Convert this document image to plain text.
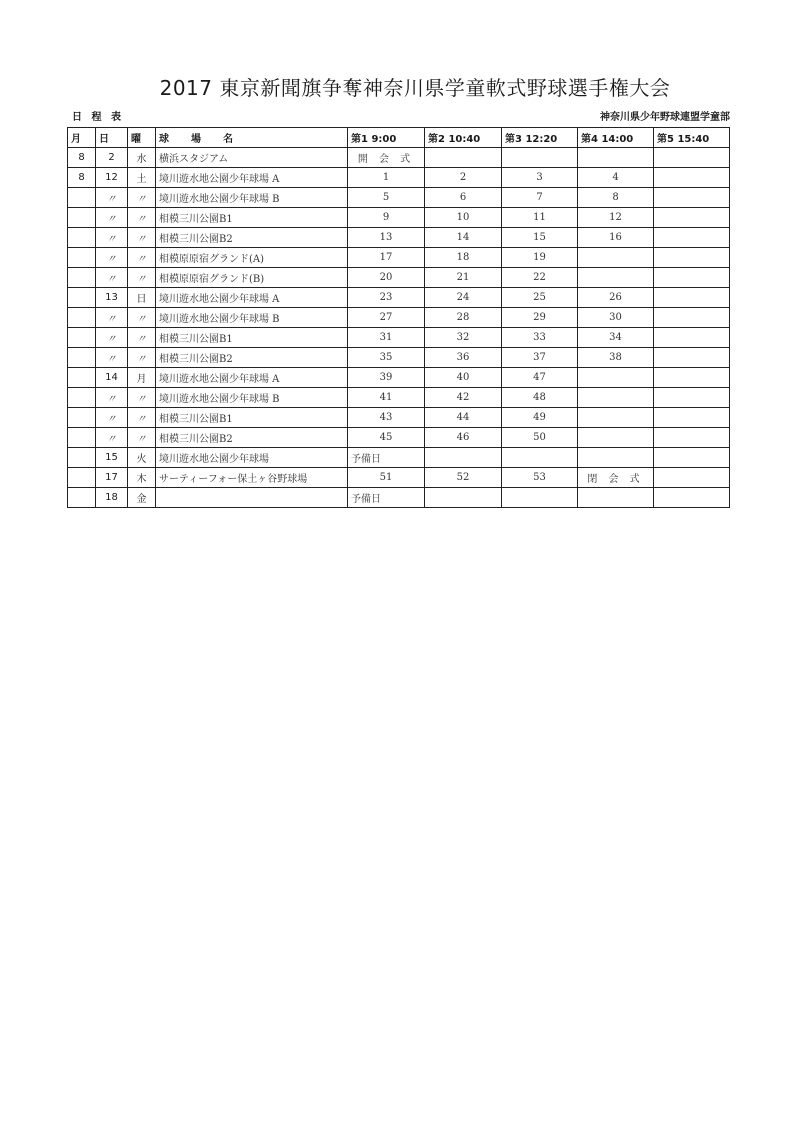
2017 東京新聞旗争奪神奈川県学童軟式野球選手権大会
日 程 表	神奈川県少年野球連盟学童部
月	日	曜	球場名	第1 9:00	第2 10:40	第3 12:20	第4 14:00	第5 15:40
8	2	水	横浜スタジアム	開 会 式				
8	12	土	境川遊水地公園少年球場 A	1	2	3	4	
	〃	〃	境川遊水地公園少年球場 B	5	6	7	8	
	〃	〃	相模三川公園B1	9	10	11	12	
	〃	〃	相模三川公園B2	13	14	15	16	
	〃	〃	相模原原宿グランド(A)	17	18	19		
	〃	〃	相模原原宿グランド(B)	20	21	22		
	13	日	境川遊水地公園少年球場 A	23	24	25	26	
	〃	〃	境川遊水地公園少年球場 B	27	28	29	30	
	〃	〃	相模三川公園B1	31	32	33	34	
	〃	〃	相模三川公園B2	35	36	37	38	
	14	月	境川遊水地公園少年球場 A	39	40	47		
	〃	〃	境川遊水地公園少年球場 B	41	42	48		
	〃	〃	相模三川公園B1	43	44	49		
	〃	〃	相模三川公園B2	45	46	50		
	15	火	境川遊水地公園少年球場	予備日				
	17	木	サーティーフォー保土ヶ谷野球場	51	52	53	閉 会 式	
	18	金		予備日				
